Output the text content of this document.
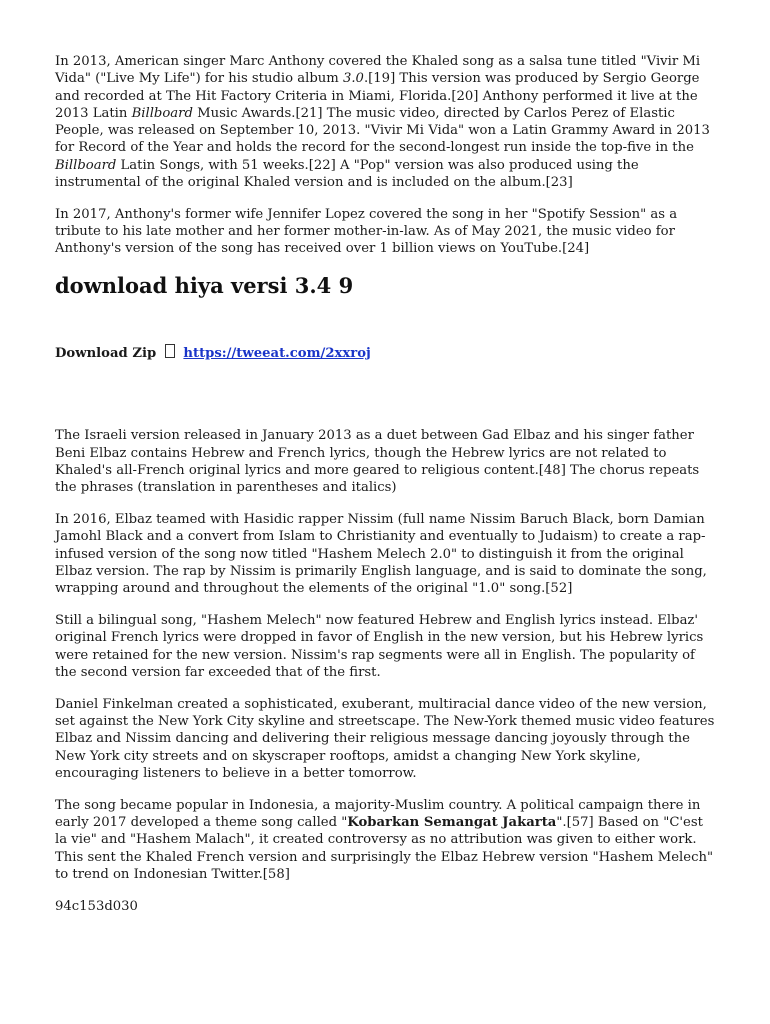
In 2013, American singer Marc Anthony covered the Khaled song as a salsa tune titled "Vivir Mi Vida" ("Live My Life") for his studio album 3.0.[19] This version was produced by Sergio George and recorded at The Hit Factory Criteria in Miami, Florida.[20] Anthony performed it live at the 2013 Latin Billboard Music Awards.[21] The music video, directed by Carlos Perez of Elastic People, was released on September 10, 2013. "Vivir Mi Vida" won a Latin Grammy Award in 2013 for Record of the Year and holds the record for the second-longest run inside the top-five in the Billboard Latin Songs, with 51 weeks.[22] A "Pop" version was also produced using the instrumental of the original Khaled version and is included on the album.[23]

In 2017, Anthony's former wife Jennifer Lopez covered the song in her "Spotify Session" as a tribute to his late mother and her former mother-in-law. As of May 2021, the music video for Anthony's version of the song has received over 1 billion views on YouTube.[24]

download hiya versi 3.4 9
Download Zip https://tweeat.com/2xxroj

The Israeli version released in January 2013 as a duet between Gad Elbaz and his singer father Beni Elbaz contains Hebrew and French lyrics, though the Hebrew lyrics are not related to Khaled's all-French original lyrics and more geared to religious content.[48] The chorus repeats the phrases (translation in parentheses and italics)

In 2016, Elbaz teamed with Hasidic rapper Nissim (full name Nissim Baruch Black, born Damian Jamohl Black and a convert from Islam to Christianity and eventually to Judaism) to create a rap-infused version of the song now titled "Hashem Melech 2.0" to distinguish it from the original Elbaz version. The rap by Nissim is primarily English language, and is said to dominate the song, wrapping around and throughout the elements of the original "1.0" song.[52]

Still a bilingual song, "Hashem Melech" now featured Hebrew and English lyrics instead. Elbaz' original French lyrics were dropped in favor of English in the new version, but his Hebrew lyrics were retained for the new version. Nissim's rap segments were all in English. The popularity of the second version far exceeded that of the first.

Daniel Finkelman created a sophisticated, exuberant, multiracial dance video of the new version, set against the New York City skyline and streetscape. The New-York themed music video features Elbaz and Nissim dancing and delivering their religious message dancing joyously through the New York city streets and on skyscraper rooftops, amidst a changing New York skyline, encouraging listeners to believe in a better tomorrow.

The song became popular in Indonesia, a majority-Muslim country. A political campaign there in early 2017 developed a theme song called "Kobarkan Semangat Jakarta".[57] Based on "C'est la vie" and "Hashem Malach", it created controversy as no attribution was given to either work. This sent the Khaled French version and surprisingly the Elbaz Hebrew version "Hashem Melech" to trend on Indonesian Twitter.[58]

94c153d030
